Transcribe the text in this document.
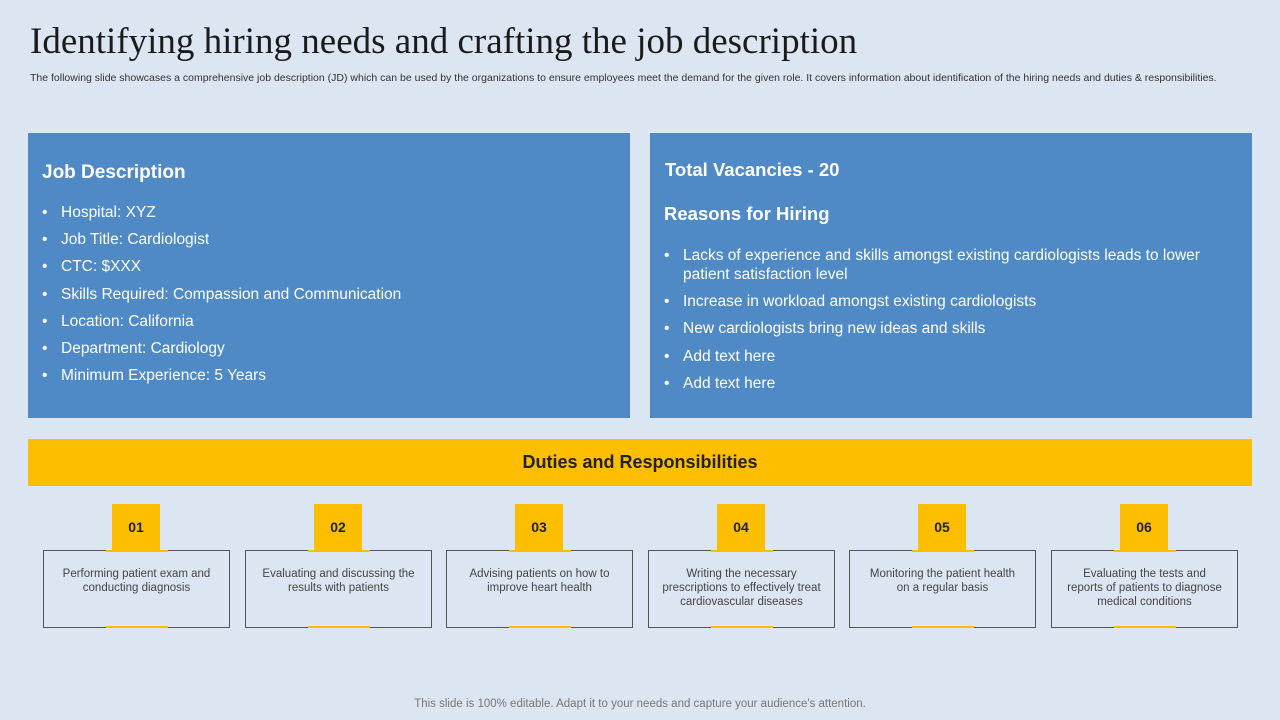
Identifying hiring needs and crafting the job description
The following slide showcases a comprehensive job description (JD) which can be used by the organizations to ensure employees meet the demand for the given role. It covers information about identification of the hiring needs and duties & responsibilities.
Job Description
• Hospital: XYZ
• Job Title: Cardiologist
• CTC: $XXX
• Skills Required: Compassion and Communication
• Location: California
• Department: Cardiology
• Minimum Experience: 5 Years
Total Vacancies - 20
Reasons for Hiring
• Lacks of experience and skills amongst existing cardiologists leads to lower patient satisfaction level
• Increase in workload amongst existing cardiologists
• New cardiologists bring new ideas and skills
• Add text here
• Add text here
Duties and Responsibilities
01
Performing patient exam and conducting diagnosis
02
Evaluating and discussing the results with patients
03
Advising patients on how to improve heart health
04
Writing the necessary prescriptions to effectively treat cardiovascular diseases
05
Monitoring the patient health on a regular basis
06
Evaluating the tests and reports of patients to diagnose medical conditions
This slide is 100% editable. Adapt it to your needs and capture your audience's attention.
